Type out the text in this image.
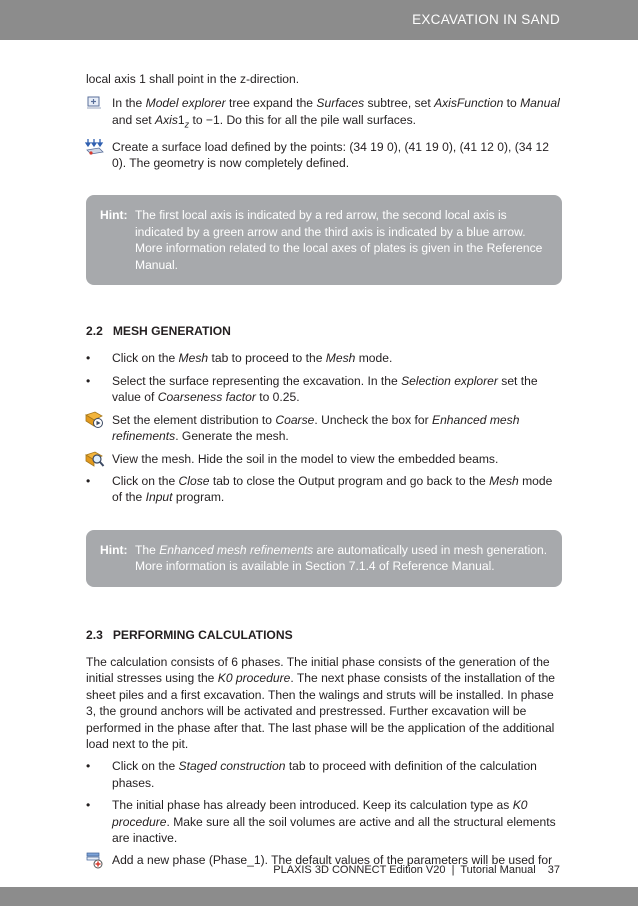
EXCAVATION IN SAND

local axis 1 shall point in the z-direction.

In the Model explorer tree expand the Surfaces subtree, set AxisFunction to Manual and set $Axis1_z$ to −1. Do this for all the pile wall surfaces.

Create a surface load defined by the points: (34 19 0), (41 19 0), (41 12 0), (34 12 0). The geometry is now completely defined.

Hint: The first local axis is indicated by a red arrow, the second local axis is indicated by a green arrow and the third axis is indicated by a blue arrow. More information related to the local axes of plates is given in the Reference Manual.

2.2 MESH GENERATION
• Click on the Mesh tab to proceed to the Mesh mode.

• Select the surface representing the excavation. In the Selection explorer set the value of Coarseness factor to 0.25.

Set the element distribution to Coarse. Uncheck the box for Enhanced mesh refinements. Generate the mesh.

View the mesh. Hide the soil in the model to view the embedded beams.

• Click on the Close tab to close the Output program and go back to the Mesh mode of the Input program.

Hint: The Enhanced mesh refinements are automatically used in mesh generation. More information is available in Section 7.1.4 of Reference Manual.

2.3 PERFORMING CALCULATIONS

The calculation consists of 6 phases. The initial phase consists of the generation of the initial stresses using the K0 procedure. The next phase consists of the installation of the sheet piles and a first excavation. Then the walings and struts will be installed. In phase 3, the ground anchors will be activated and prestressed. Further excavation will be performed in the phase after that. The last phase will be the application of the additional load next to the pit.

• Click on the Staged construction tab to proceed with definition of the calculation phases.

• The initial phase has already been introduced. Keep its calculation type as K0 procedure. Make sure all the soil volumes are active and all the structural elements are inactive.

Add a new phase (Phase_1). The default values of the parameters will be used for

PLAXIS 3D CONNECT Edition V20  |  Tutorial Manual 37
